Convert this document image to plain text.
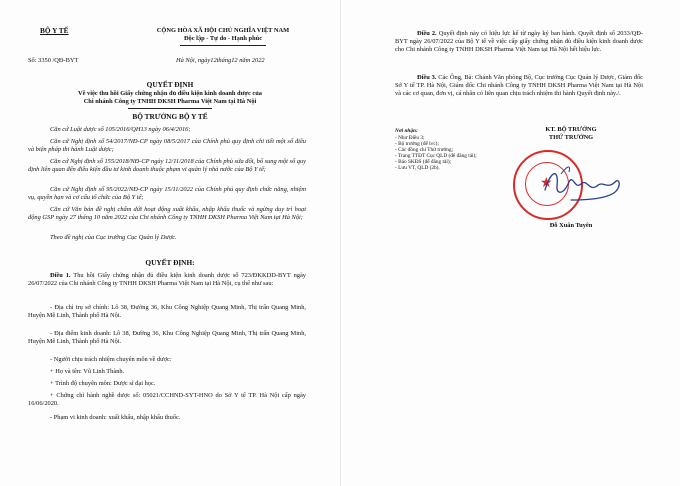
BỘ Y TẾ	CỘNG HÒA XÃ HỘI CHỦ NGHĨA VIỆT NAM
Độc lập - Tự do - Hạnh phúc
Số: 3350 /QĐ-BYT	Hà Nội, ngày12tháng12 năm 2022
QUYẾT ĐỊNH
Về việc thu hồi Giấy chứng nhận đủ điều kiện kinh doanh dược của
Chi nhánh Công ty TNHH DKSH Pharma Việt Nam tại Hà Nội
BỘ TRƯỞNG BỘ Y TẾ
Căn cứ Luật dược số 105/2016/QH13 ngày 06/4/2016;
Căn cứ Nghị định số 54/2017/NĐ-CP ngày 08/5/2017 của Chính phủ quy định chi tiết một số điều và biện pháp thi hành Luật dược;
Căn cứ Nghị định số 155/2018/NĐ-CP ngày 12/11/2018 của Chính phủ sửa đổi, bổ sung một số quy định liên quan đến điều kiện đầu tư kinh doanh thuộc phạm vi quản lý nhà nước của Bộ Y tế;
Căn cứ Nghị định số 95/2022/NĐ-CP ngày 15/11/2022 của Chính phủ quy định chức năng, nhiệm vụ, quyền hạn và cơ cấu tổ chức của Bộ Y tế;
Căn cứ Văn bản đề nghị chấm dứt hoạt động xuất khẩu, nhập khẩu thuốc và ngừng duy trì hoạt động GSP ngày 27 tháng 10 năm 2022 của Chi nhánh Công ty TNHH DKSH Pharma Việt Nam tại Hà Nội;
Theo đề nghị của Cục trưởng Cục Quản lý Dược.
QUYẾT ĐỊNH:
Điều 1. Thu hồi Giấy chứng nhận đủ điều kiện kinh doanh dược số 723/ĐKKDD-BYT ngày 26/07/2022 của Chi nhánh Công ty TNHH DKSH Pharma Việt Nam tại Hà Nội, cụ thể như sau:
- Địa chỉ trụ sở chính: Lô 38, Đường 36, Khu Công Nghiệp Quang Minh, Thị trấn Quang Minh, Huyện Mê Linh, Thành phố Hà Nội.
- Địa điểm kinh doanh: Lô 38, Đường 36, Khu Công Nghiệp Quang Minh, Thị trấn Quang Minh, Huyện Mê Linh, Thành phố Hà Nội.
- Người chịu trách nhiệm chuyên môn về dược:
+ Họ và tên: Vũ Linh Thành.
+ Trình độ chuyên môn: Dược sĩ đại học.
+ Chứng chỉ hành nghề dược số: 05021/CCHND-SYT-HNO do Sở Y tế TP. Hà Nội cấp ngày 16/06/2020.
- Phạm vi kinh doanh: xuất khẩu, nhập khẩu thuốc.
Điều 2. Quyết định này có hiệu lực kể từ ngày ký ban hành. Quyết định số 2033/QĐ-BYT ngày 26/07/2022 của Bộ Y tế về việc cấp giấy chứng nhận đủ điều kiện kinh doanh dược cho Chi nhánh Công ty TNHH DKSH Pharma Việt Nam tại Hà Nội hết hiệu lực.
Điều 3. Các Ông, Bà: Chánh Văn phòng Bộ, Cục trưởng Cục Quản lý Dược, Giám đốc Sở Y tế TP. Hà Nội, Giám đốc Chi nhánh Công ty TNHH DKSH Pharma Việt Nam tại Hà Nội và các cơ quan, đơn vị, cá nhân có liên quan chịu trách nhiệm thi hành Quyết định này./.
Nơi nhận:
- Như Điều 3;
- Bộ trưởng (để b/c);
- Các đồng chí Thứ trưởng;
- Trang TTĐT Cục QLD (để đăng tải);
- Báo SKĐS (để đăng tải);
- Lưu VT, QLD (2b).
KT. BỘ TRƯỞNG
THỨ TRƯỞNG
★
Đỗ Xuân Tuyên
